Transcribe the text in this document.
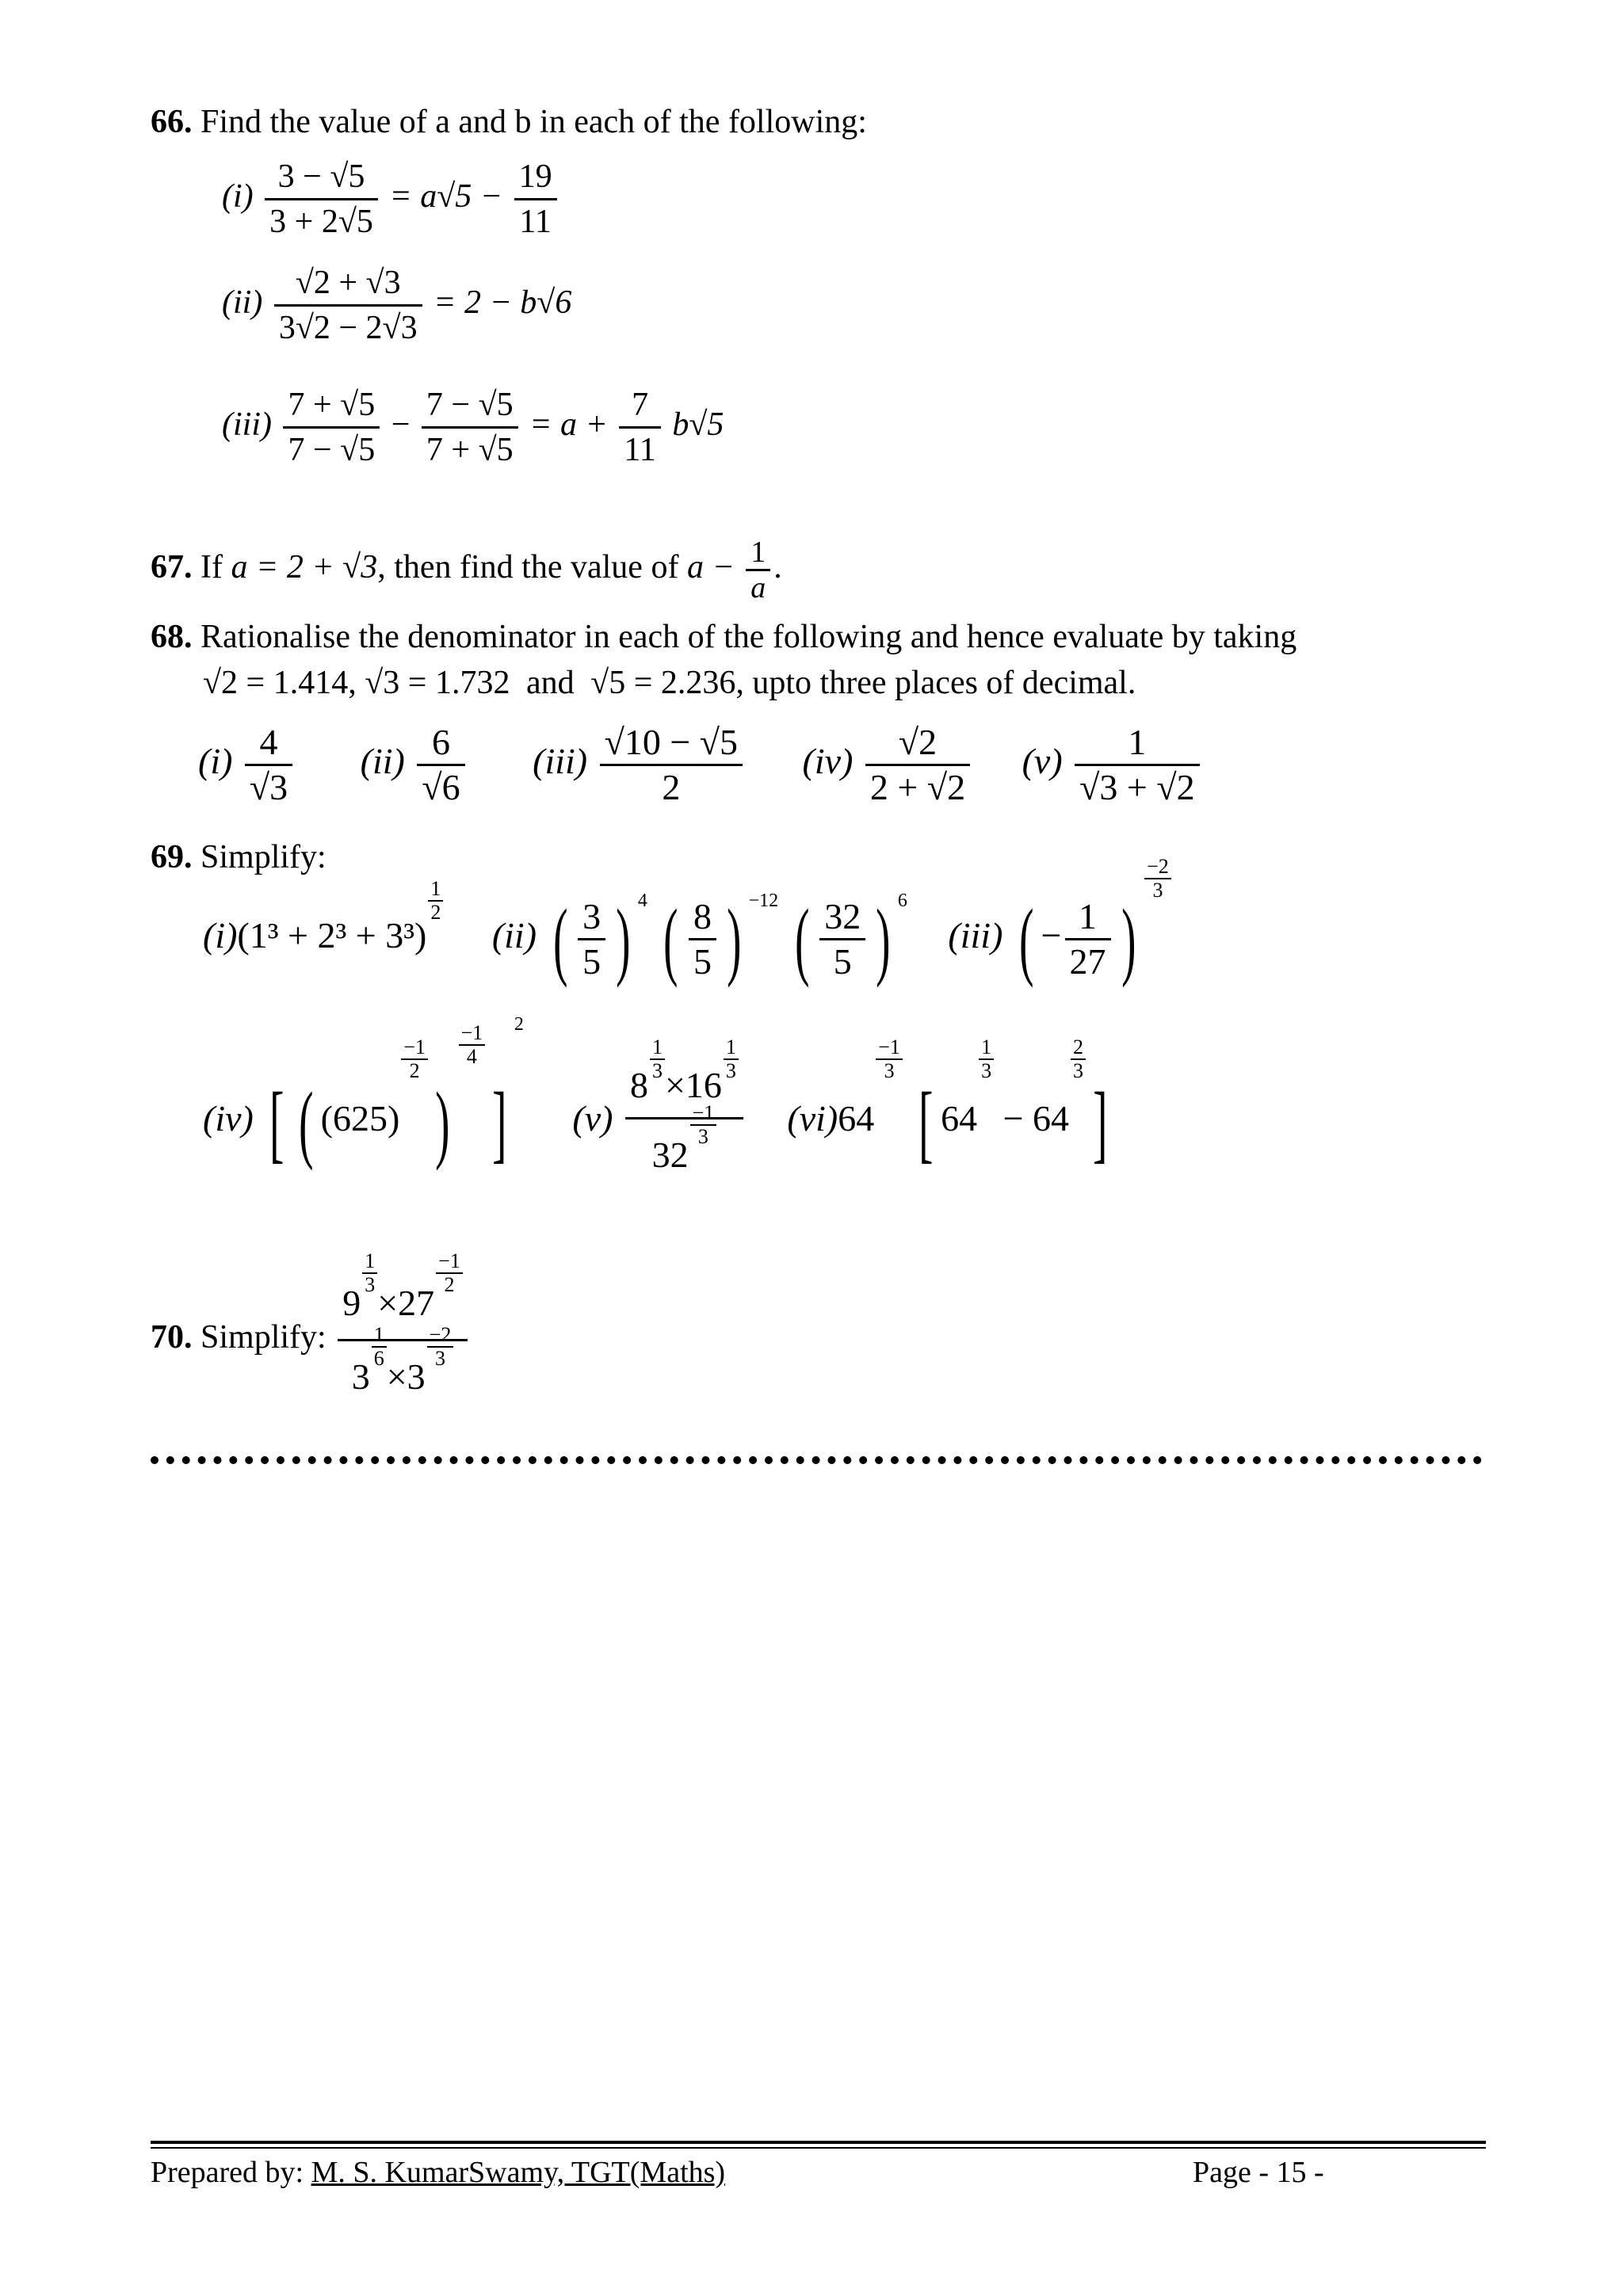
66. Find the value of a and b in each of the following:
$(i) \frac{3 - √5}{3 + 2√5} = a√5 - \frac{19}{11}$
$(ii) \frac{√2 + √3}{3√2 - 2√3} = 2 - b√6$
$(iii) \frac{7 + √5}{7 - √5} - \frac{7 - √5}{7 + √5} = a + \frac{7}{11} b√5$
67. If a = 2 + √3, then find the value of $a - \frac{1}{a}$ .
68. Rationalise the denominator in each of the following and hence evaluate by taking
√2 = 1.414, √3 = 1.732 and √5 = 2.236, upto three places of decimal.
$(i) \frac{4}{√3} (ii) \frac{6}{√6} (iii) \frac{√10 - √5}{2} (iv) \frac{√2}{2 + √2} (v) \frac{1}{√3 + √2}$
69. Simplify:
(i)(1³ + 2³ + 3³)
$\frac{1}{2}$
(ii) ( $\frac{3}{5}$ ) $^4$ ( $\frac{8}{5}$ ) $^{-12}$ ( $\frac{32}{5}$ ) $^6$ (iii) ( − $\frac{1}{27}$ )
$\frac{-2}{3}$
(iv) [ ( (625)
$\frac{-1}{2}$
)
$\frac{-1}{4}$
]$^2$ (v) 8
$\frac{1}{3}$
×16
$\frac{1}{3}$
32
$\frac{-1}{3} (vi)64$
$\frac{-1}{3}$
[ 64
$\frac{1}{3}$
− 64
$\frac{2}{3}$
]
70. Simplify: 9
$\frac{1}{3}$
×27
$\frac{-1}{2}$
3
$\frac{1}{6}$
×3
$\frac{-2}{3}$
Prepared by: M. S. KumarSwamy, TGT(Maths)	Page - 15 -
